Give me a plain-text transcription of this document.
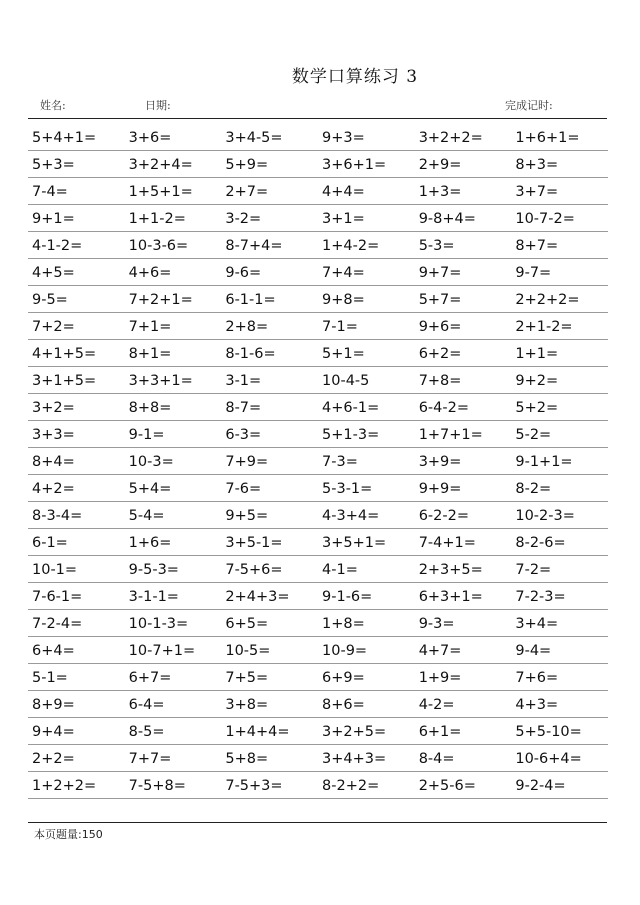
数学口算练习 3
姓名:	日期:	完成记时:
5+4+1=	3+6=	3+4-5=	9+3=	3+2+2=	1+6+1=
5+3=	3+2+4=	5+9=	3+6+1=	2+9=	8+3=
7-4=	1+5+1=	2+7=	4+4=	1+3=	3+7=
9+1=	1+1-2=	3-2=	3+1=	9-8+4=	10-7-2=
4-1-2=	10-3-6=	8-7+4=	1+4-2=	5-3=	8+7=
4+5=	4+6=	9-6=	7+4=	9+7=	9-7=
9-5=	7+2+1=	6-1-1=	9+8=	5+7=	2+2+2=
7+2=	7+1=	2+8=	7-1=	9+6=	2+1-2=
4+1+5=	8+1=	8-1-6=	5+1=	6+2=	1+1=
3+1+5=	3+3+1=	3-1=	10-4-5	7+8=	9+2=
3+2=	8+8=	8-7=	4+6-1=	6-4-2=	5+2=
3+3=	9-1=	6-3=	5+1-3=	1+7+1=	5-2=
8+4=	10-3=	7+9=	7-3=	3+9=	9-1+1=
4+2=	5+4=	7-6=	5-3-1=	9+9=	8-2=
8-3-4=	5-4=	9+5=	4-3+4=	6-2-2=	10-2-3=
6-1=	1+6=	3+5-1=	3+5+1=	7-4+1=	8-2-6=
10-1=	9-5-3=	7-5+6=	4-1=	2+3+5=	7-2=
7-6-1=	3-1-1=	2+4+3=	9-1-6=	6+3+1=	7-2-3=
7-2-4=	10-1-3=	6+5=	1+8=	9-3=	3+4=
6+4=	10-7+1=	10-5=	10-9=	4+7=	9-4=
5-1=	6+7=	7+5=	6+9=	1+9=	7+6=
8+9=	6-4=	3+8=	8+6=	4-2=	4+3=
9+4=	8-5=	1+4+4=	3+2+5=	6+1=	5+5-10=
2+2=	7+7=	5+8=	3+4+3=	8-4=	10-6+4=
1+2+2=	7-5+8=	7-5+3=	8-2+2=	2+5-6=	9-2-4=
本页题量:150
